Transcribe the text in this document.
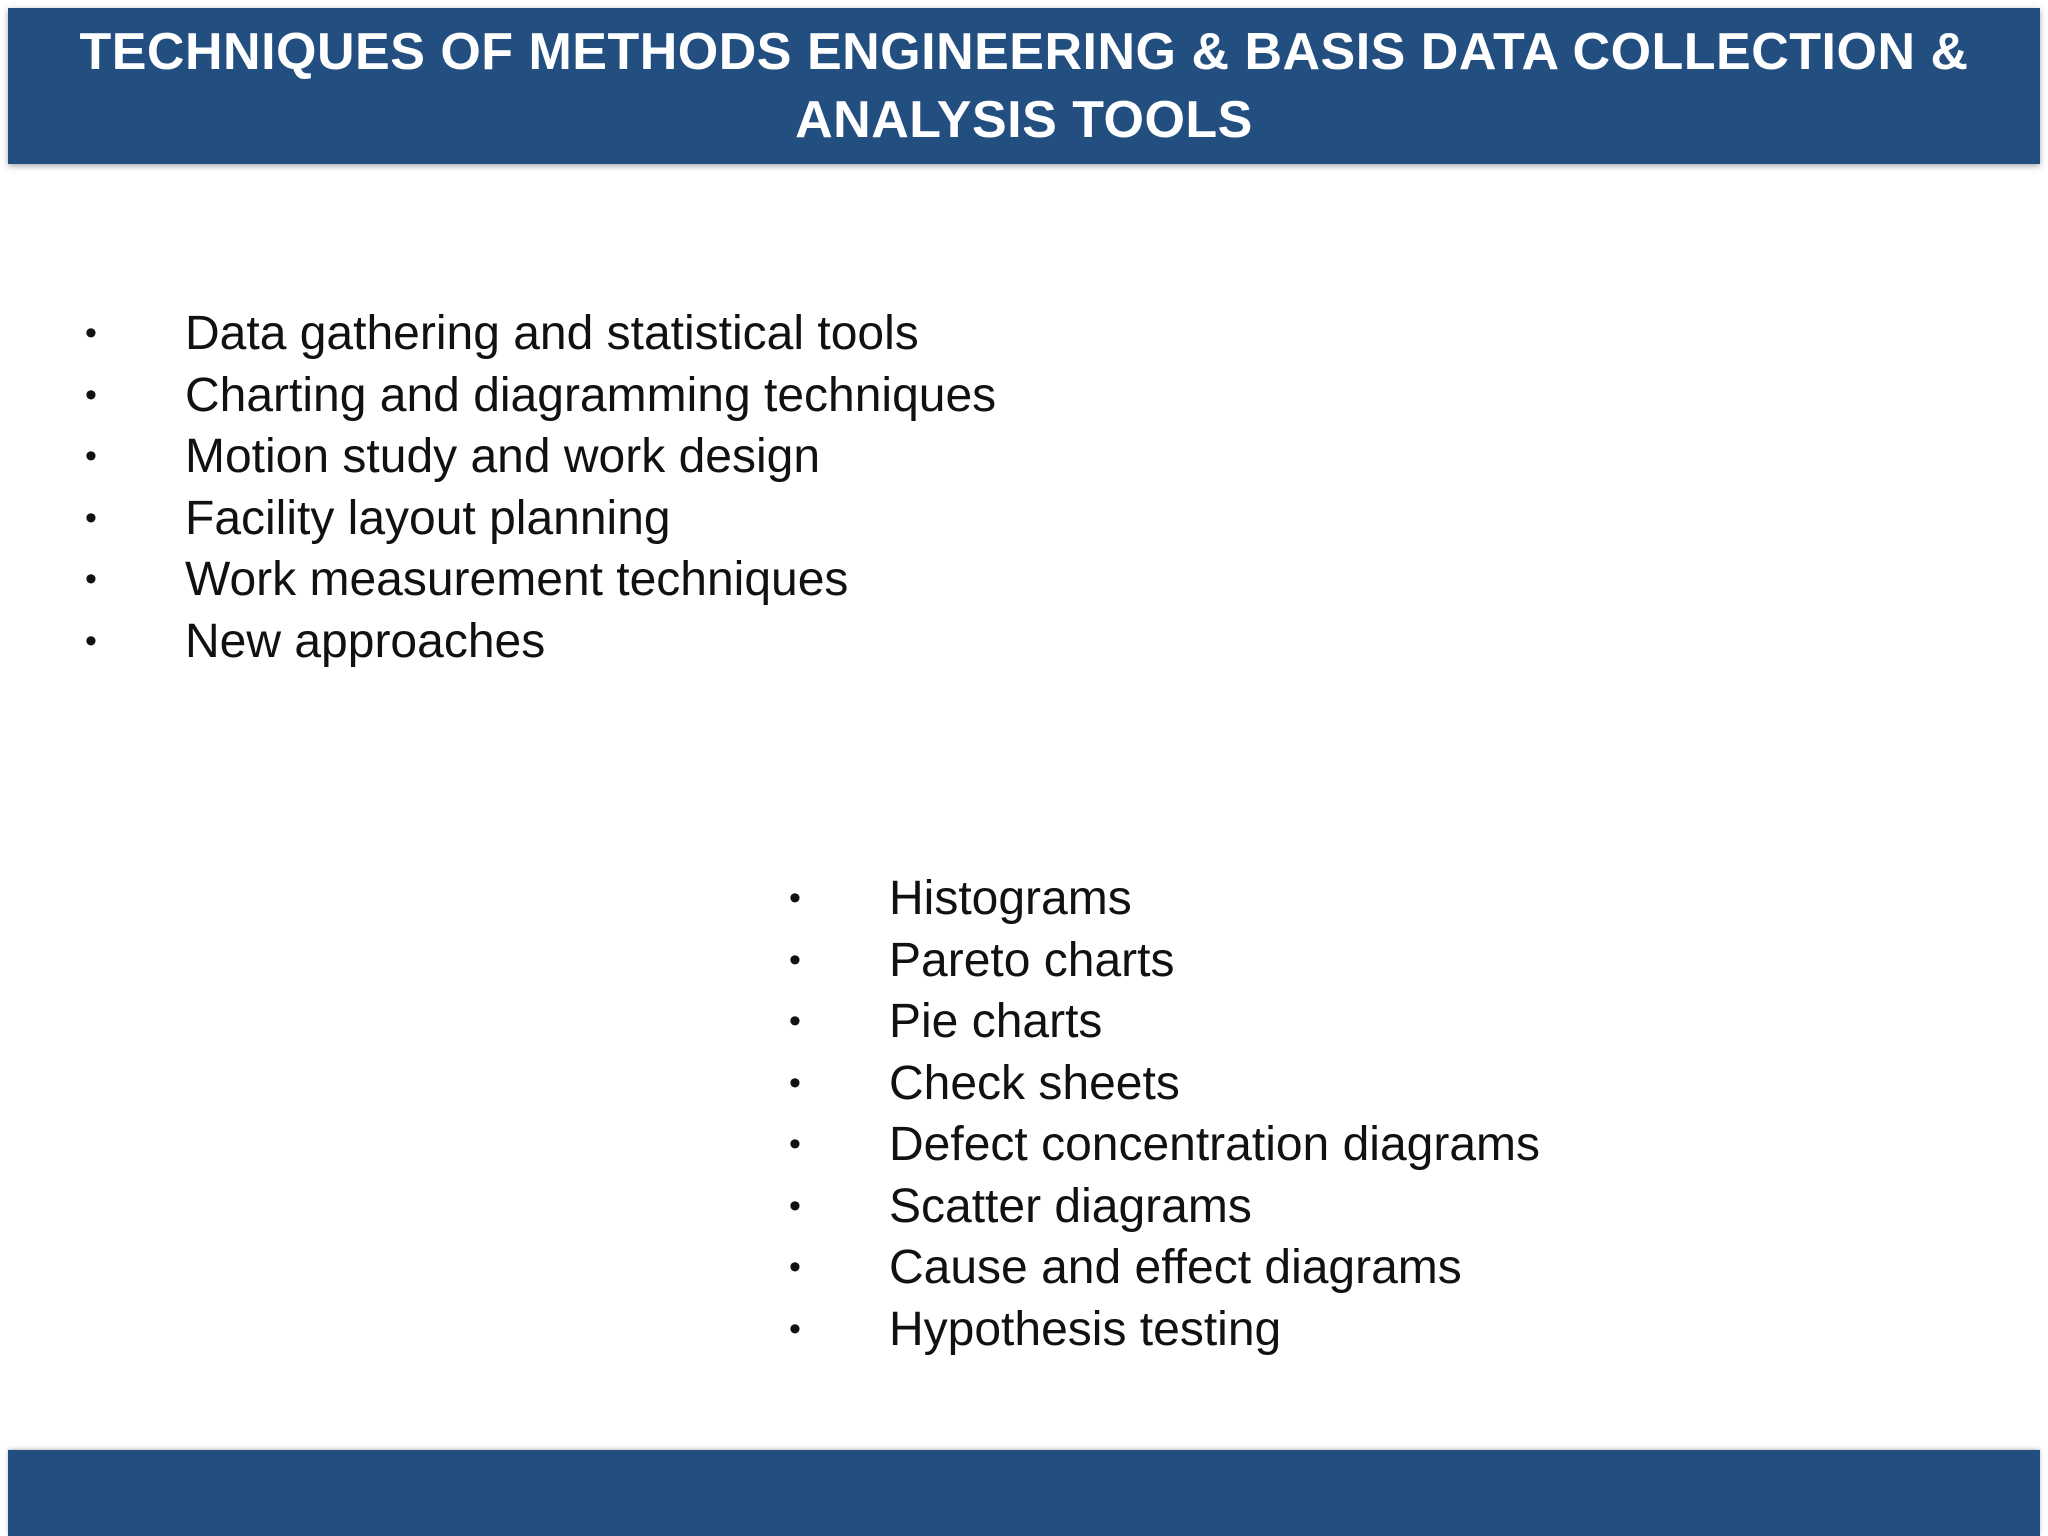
TECHNIQUES OF METHODS ENGINEERING & BASIS DATA COLLECTION & ANALYSIS TOOLS
• Data gathering and statistical tools
• Charting and diagramming techniques
• Motion study and work design
• Facility layout planning
• Work measurement techniques
• New approaches
• Histograms
• Pareto charts
• Pie charts
• Check sheets
• Defect concentration diagrams
• Scatter diagrams
• Cause and effect diagrams
• Hypothesis testing
